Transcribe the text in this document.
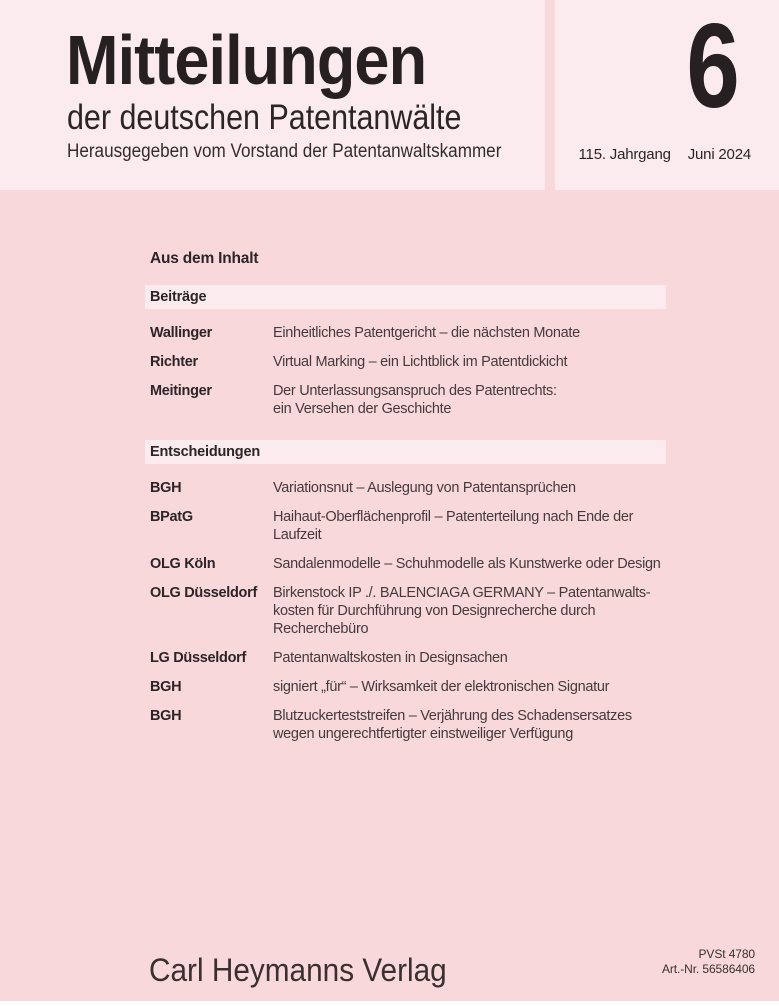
Mitteilungen
der deutschen Patentanwälte
Herausgegeben vom Vorstand der Patentanwaltskammer
6
115. Jahrgang Juni 2024
Aus dem Inhalt
Beiträge
Wallinger	Einheitliches Patentgericht – die nächsten Monate
Richter	Virtual Marking – ein Lichtblick im Patentdickicht
Meitinger	Der Unterlassungsanspruch des Patentrechts:
ein Versehen der Geschichte
Entscheidungen
BGH	Variationsnut – Auslegung von Patentansprüchen
BPatG	Haihaut-Oberflächenprofil – Patenterteilung nach Ende der
Laufzeit
OLG Köln	Sandalenmodelle – Schuhmodelle als Kunstwerke oder Design
OLG Düsseldorf	Birkenstock IP ./. BALENCIAGA GERMANY – Patentanwalts-
kosten für Durchführung von Designrecherche durch
Recherchebüro
LG Düsseldorf	Patentanwaltskosten in Designsachen
BGH	signiert „für“ – Wirksamkeit der elektronischen Signatur
BGH	Blutzuckerteststreifen – Verjährung des Schadensersatzes
wegen ungerechtfertigter einstweiliger Verfügung
Carl Heymanns Verlag	PVSt 4780
Art.-Nr. 56586406
